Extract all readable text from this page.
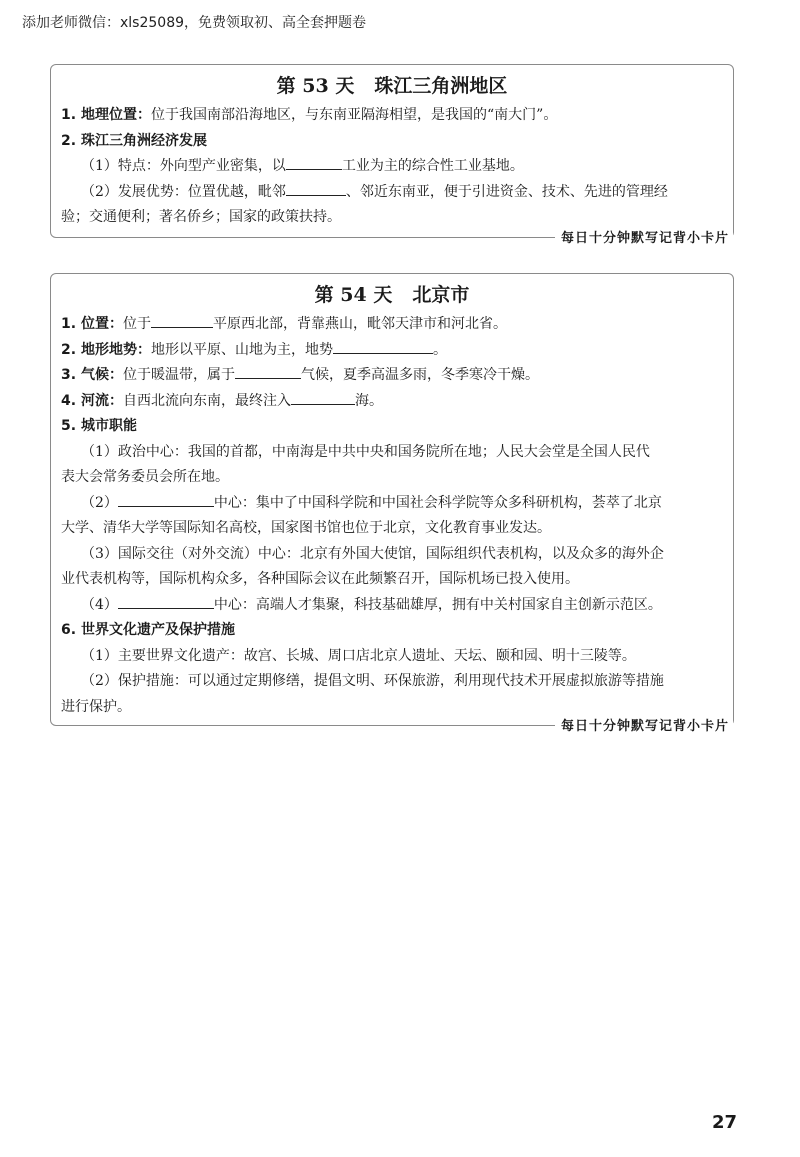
添加老师微信：xls25089，免费领取初、高全套押题卷
第 53 天 珠江三角洲地区
1. 地理位置：位于我国南部沿海地区，与东南亚隔海相望，是我国的“南大门”。
2. 珠江三角洲经济发展
（1）特点：外向型产业密集，以	工业为主的综合性工业基地。
（2）发展优势：位置优越，毗邻	、邻近东南亚，便于引进资金、技术、先进的管理经
验；交通便利；著名侨乡；国家的政策扶持。
每日十分钟默写记背小卡片
第 54 天 北京市
1. 位置：位于	平原西北部，背靠燕山，毗邻天津市和河北省。
2. 地形地势：地形以平原、山地为主，地势	。
3. 气候：位于暖温带，属于	气候，夏季高温多雨，冬季寒冷干燥。
4. 河流：自西北流向东南，最终注入	海。
5. 城市职能
（1）政治中心：我国的首都，中南海是中共中央和国务院所在地；人民大会堂是全国人民代
表大会常务委员会所在地。
（2）	中心：集中了中国科学院和中国社会科学院等众多科研机构，荟萃了北京
大学、清华大学等国际知名高校，国家图书馆也位于北京，文化教育事业发达。
（3）国际交往（对外交流）中心：北京有外国大使馆，国际组织代表机构，以及众多的海外企
业代表机构等，国际机构众多，各种国际会议在此频繁召开，国际机场已投入使用。
（4）	中心：高端人才集聚，科技基础雄厚，拥有中关村国家自主创新示范区。
6. 世界文化遗产及保护措施
（1）主要世界文化遗产：故宫、长城、周口店北京人遗址、天坛、颐和园、明十三陵等。
（2）保护措施：可以通过定期修缮，提倡文明、环保旅游，利用现代技术开展虚拟旅游等措施
进行保护。
每日十分钟默写记背小卡片
27
